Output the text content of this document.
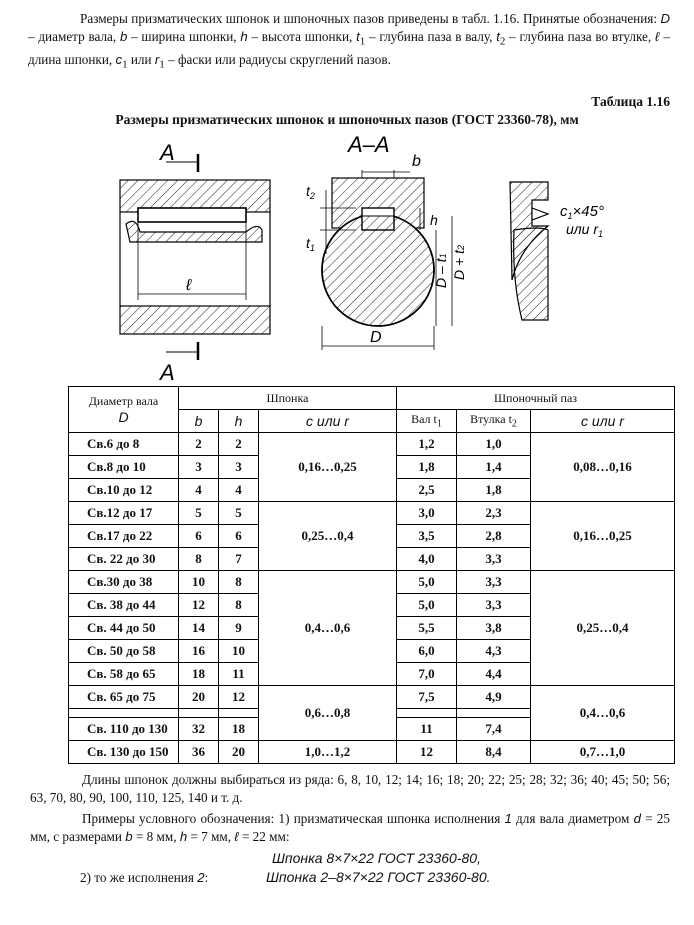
Размеры призматических шпонок и шпоночных пазов приведены в табл. 1.16. Принятые обозначения: D – диаметр вала, b – ширина шпонки, h – высота шпонки, $t_1$ – глубина паза в валу, $t_2$ – глубина паза во втулке, ℓ – длина шпонки, $с_1$ или $r_1$ – фаски или радиусы скруглений пазов.
Таблица 1.16
Размеры призматических шпонок и шпоночных пазов (ГОСТ 23360-78), мм
А
А
ℓ
А–А
b
$t_2$
$t_1$
h
D – t1 D + t2
D
$с_1\times 45^\circ$
или $r_1$
Диаметр вала
D	Шпонка			Шпоночный паз		
	b	h	с или r	Вал $t_1$	Втулка $t_2$	с или r
Св.6 до 8	2	2	0,16…0,25	1,2	1,0	0,08…0,16
Св.8 до 10	3	3		1,8	1,4	
Св.10 до 12	4	4		2,5	1,8	
Св.12 до 17	5	5	0,25…0,4	3,0	2,3	0,16…0,25
Св.17 до 22	6	6		3,5	2,8	
Св. 22 до 30	8	7		4,0	3,3	
Св.30 до 38	10	8	0,4…0,6	5,0	3,3	0,25…0,4
Св. 38 до 44	12	8		5,0	3,3	
Св. 44 до 50	14	9		5,5	3,8	
Св. 50 до 58	16	10		6,0	4,3	
Св. 58 до 65	18	11		7,0	4,4	
Св. 65 до 75	20	12	0,6…0,8	7,5	4,9	0,4…0,6

Св. 110 до 130	32	18		11	7,4	
Св. 130 до 150	36	20	1,0…1,2	12	8,4	0,7…1,0
Длины шпонок должны выбираться из ряда: 6, 8, 10, 12; 14; 16; 18; 20; 22; 25; 28; 32; 36; 40; 45; 50; 56; 63, 70, 80, 90, 100, 110, 125, 140 и т. д.
Примеры условного обозначения: 1) призматическая шпонка исполнения 1 для вала диаметром d = 25 мм, с размерами b = 8 мм, h = 7 мм, ℓ = 22 мм:
Шпонка 8×7×22 ГОСТ 23360-80,
2) то же исполнения 2:	Шпонка 2–8×7×22 ГОСТ 23360-80.
